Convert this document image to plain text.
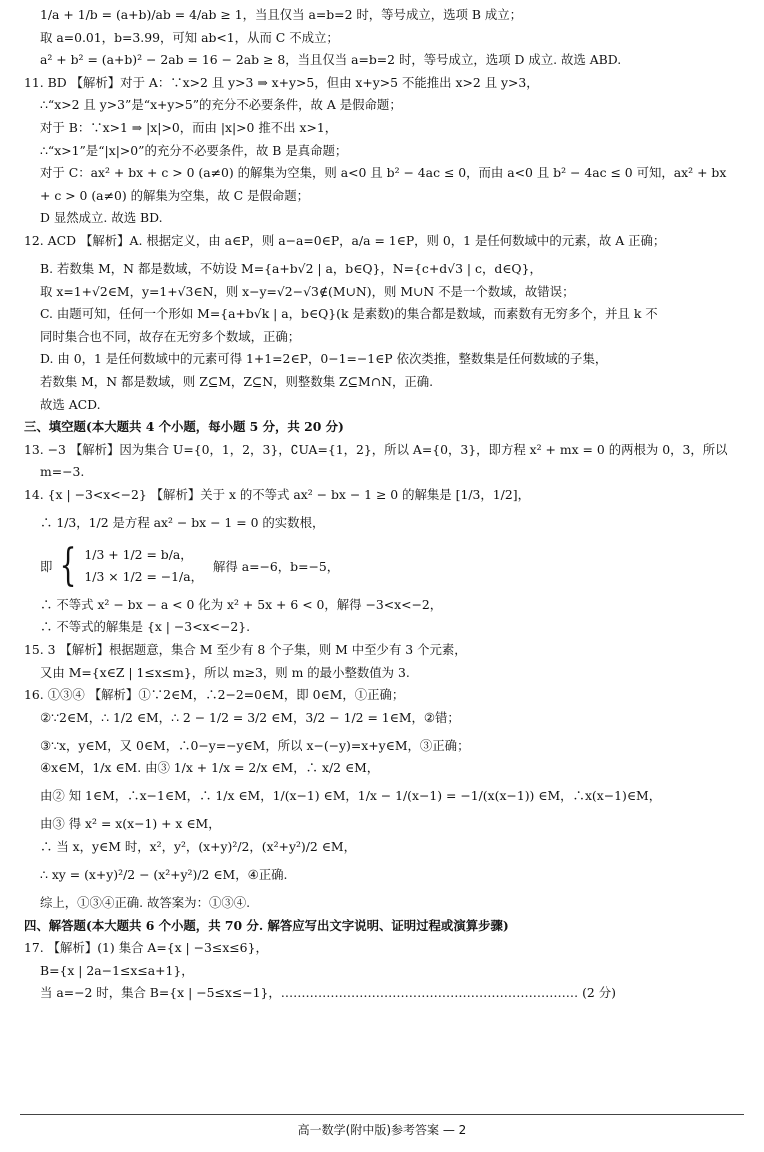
1/a + 1/b = (a+b)/ab = 4/ab ≥ 1，当且仅当 a=b=2 时，等号成立，选项 B 成立；
取 a=0.01，b=3.99，可知 ab<1，从而 C 不成立；
a² + b² = (a+b)² − 2ab = 16 − 2ab ≥ 8，当且仅当 a=b=2 时，等号成立，选项 D 成立. 故选 ABD.
11. BD 【解析】对于 A：∵x>2 且 y>3 ⇒ x+y>5，但由 x+y>5 不能推出 x>2 且 y>3，
∴“x>2 且 y>3”是“x+y>5”的充分不必要条件，故 A 是假命题；
对于 B：∵x>1 ⇒ |x|>0，而由 |x|>0 推不出 x>1，
∴“x>1”是“|x|>0”的充分不必要条件，故 B 是真命题；
对于 C：ax² + bx + c > 0 (a≠0) 的解集为空集，则 a<0 且 b² − 4ac ≤ 0，而由 a<0 且 b² − 4ac ≤ 0 可知，ax² + bx
+ c > 0 (a≠0) 的解集为空集，故 C 是假命题；
D 显然成立. 故选 BD.
12. ACD 【解析】A. 根据定义，由 a∈P，则 a−a=0∈P，a/a = 1∈P，则 0，1 是任何数域中的元素，故 A 正确；
B. 若数集 M，N 都是数域，不妨设 M={a+b√2 | a，b∈Q}，N={c+d√3 | c，d∈Q}，
取 x=1+√2∈M，y=1+√3∈N，则 x−y=√2−√3∉(M∪N)，则 M∪N 不是一个数域，故错误；
C. 由题可知，任何一个形如 M={a+b√k | a，b∈Q}(k 是素数)的集合都是数域，而素数有无穷多个，并且 k 不
同时集合也不同，故存在无穷多个数域，正确；
D. 由 0，1 是任何数域中的元素可得 1+1=2∈P，0−1=−1∈P 依次类推，整数集是任何数域的子集，
若数集 M，N 都是数域，则 Z⊆M，Z⊆N，则整数集 Z⊆M∩N，正确.
故选 ACD.
三、填空题(本大题共 4 个小题，每小题 5 分，共 20 分)
13. −3 【解析】因为集合 U={0，1，2，3}，∁UA={1，2}，所以 A={0，3}，即方程 x² + mx = 0 的两根为 0，3，所以
m=−3.
14. {x | −3<x<−2} 【解析】关于 x 的不等式 ax² − bx − 1 ≥ 0 的解集是 [1/3，1/2]，
∴ 1/3，1/2 是方程 ax² − bx − 1 = 0 的实数根，
即 { 1/3 + 1/2 = b/a，
1/3 × 1/2 = −1/a，
解得 a=−6，b=−5，
∴ 不等式 x² − bx − a < 0 化为 x² + 5x + 6 < 0，解得 −3<x<−2，
∴ 不等式的解集是 {x | −3<x<−2}.
15. 3 【解析】根据题意，集合 M 至少有 8 个子集，则 M 中至少有 3 个元素，
又由 M={x∈Z | 1≤x≤m}，所以 m≥3，则 m 的最小整数值为 3.
16. ①③④ 【解析】①∵2∈M，∴2−2=0∈M，即 0∈M，①正确；
②∵2∈M，∴ 1/2 ∈M，∴ 2 − 1/2 = 3/2 ∈M，3/2 − 1/2 = 1∈M，②错；
③∵x，y∈M，又 0∈M，∴0−y=−y∈M，所以 x−(−y)=x+y∈M，③正确；
④x∈M，1/x ∈M. 由③ 1/x + 1/x = 2/x ∈M，∴ x/2 ∈M，
由② 知 1∈M，∴x−1∈M，∴ 1/x ∈M，1/(x−1) ∈M，1/x − 1/(x−1) = −1/(x(x−1)) ∈M，∴x(x−1)∈M，
由③ 得 x² = x(x−1) + x ∈M，
∴ 当 x，y∈M 时，x²，y²，(x+y)²/2，(x²+y²)/2 ∈M，
∴ xy = (x+y)²/2 − (x²+y²)/2 ∈M，④正确.
综上，①③④正确. 故答案为：①③④.
四、解答题(本大题共 6 个小题，共 70 分. 解答应写出文字说明、证明过程或演算步骤)
17. 【解析】(1) 集合 A={x | −3≤x≤6}，
B={x | 2a−1≤x≤a+1}，
当 a=−2 时，集合 B={x | −5≤x≤−1}，……………………………………………………………… (2 分)
高一数学(附中版)参考答案 — 2
